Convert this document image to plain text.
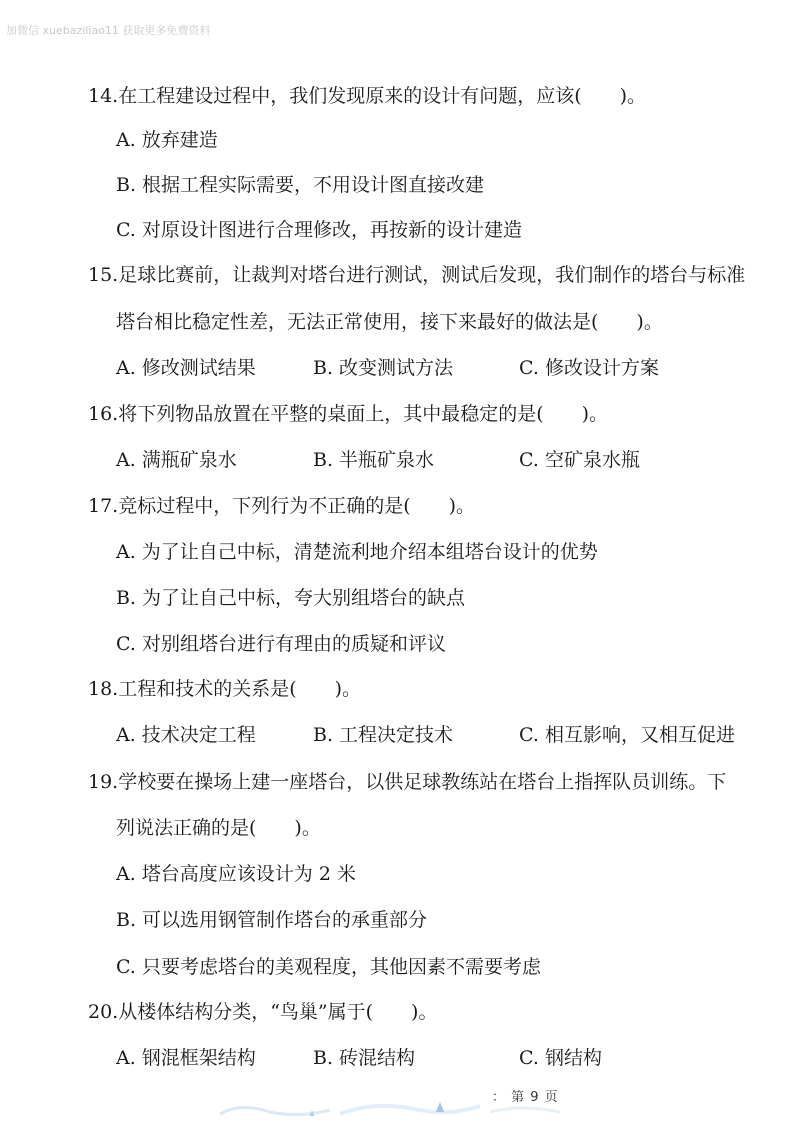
加微信 xuebaziliao11 获取更多免费资料
14.在工程建设过程中，我们发现原来的设计有问题，应该(　　)。
A. 放弃建造
B. 根据工程实际需要，不用设计图直接改建
C. 对原设计图进行合理修改，再按新的设计建造
15.足球比赛前，让裁判对塔台进行测试，测试后发现，我们制作的塔台与标准
塔台相比稳定性差，无法正常使用，接下来最好的做法是(　　)。
A. 修改测试结果	B. 改变测试方法	C. 修改设计方案
16.将下列物品放置在平整的桌面上，其中最稳定的是(　　)。
A. 满瓶矿泉水	B. 半瓶矿泉水	C. 空矿泉水瓶
17.竞标过程中，下列行为不正确的是(　　)。
A. 为了让自己中标，清楚流利地介绍本组塔台设计的优势
B. 为了让自己中标，夸大别组塔台的缺点
C. 对别组塔台进行有理由的质疑和评议
18.工程和技术的关系是(　　)。
A. 技术决定工程	B. 工程决定技术	C. 相互影响，又相互促进
19.学校要在操场上建一座塔台，以供足球教练站在塔台上指挥队员训练。下
列说法正确的是(　　)。
A. 塔台高度应该设计为 2 米
B. 可以选用钢管制作塔台的承重部分
C. 只要考虑塔台的美观程度，其他因素不需要考虑
20.从楼体结构分类，“鸟巢”属于(　　)。
A. 钢混框架结构	B. 砖混结构	C. 钢结构
： 第 9 页
